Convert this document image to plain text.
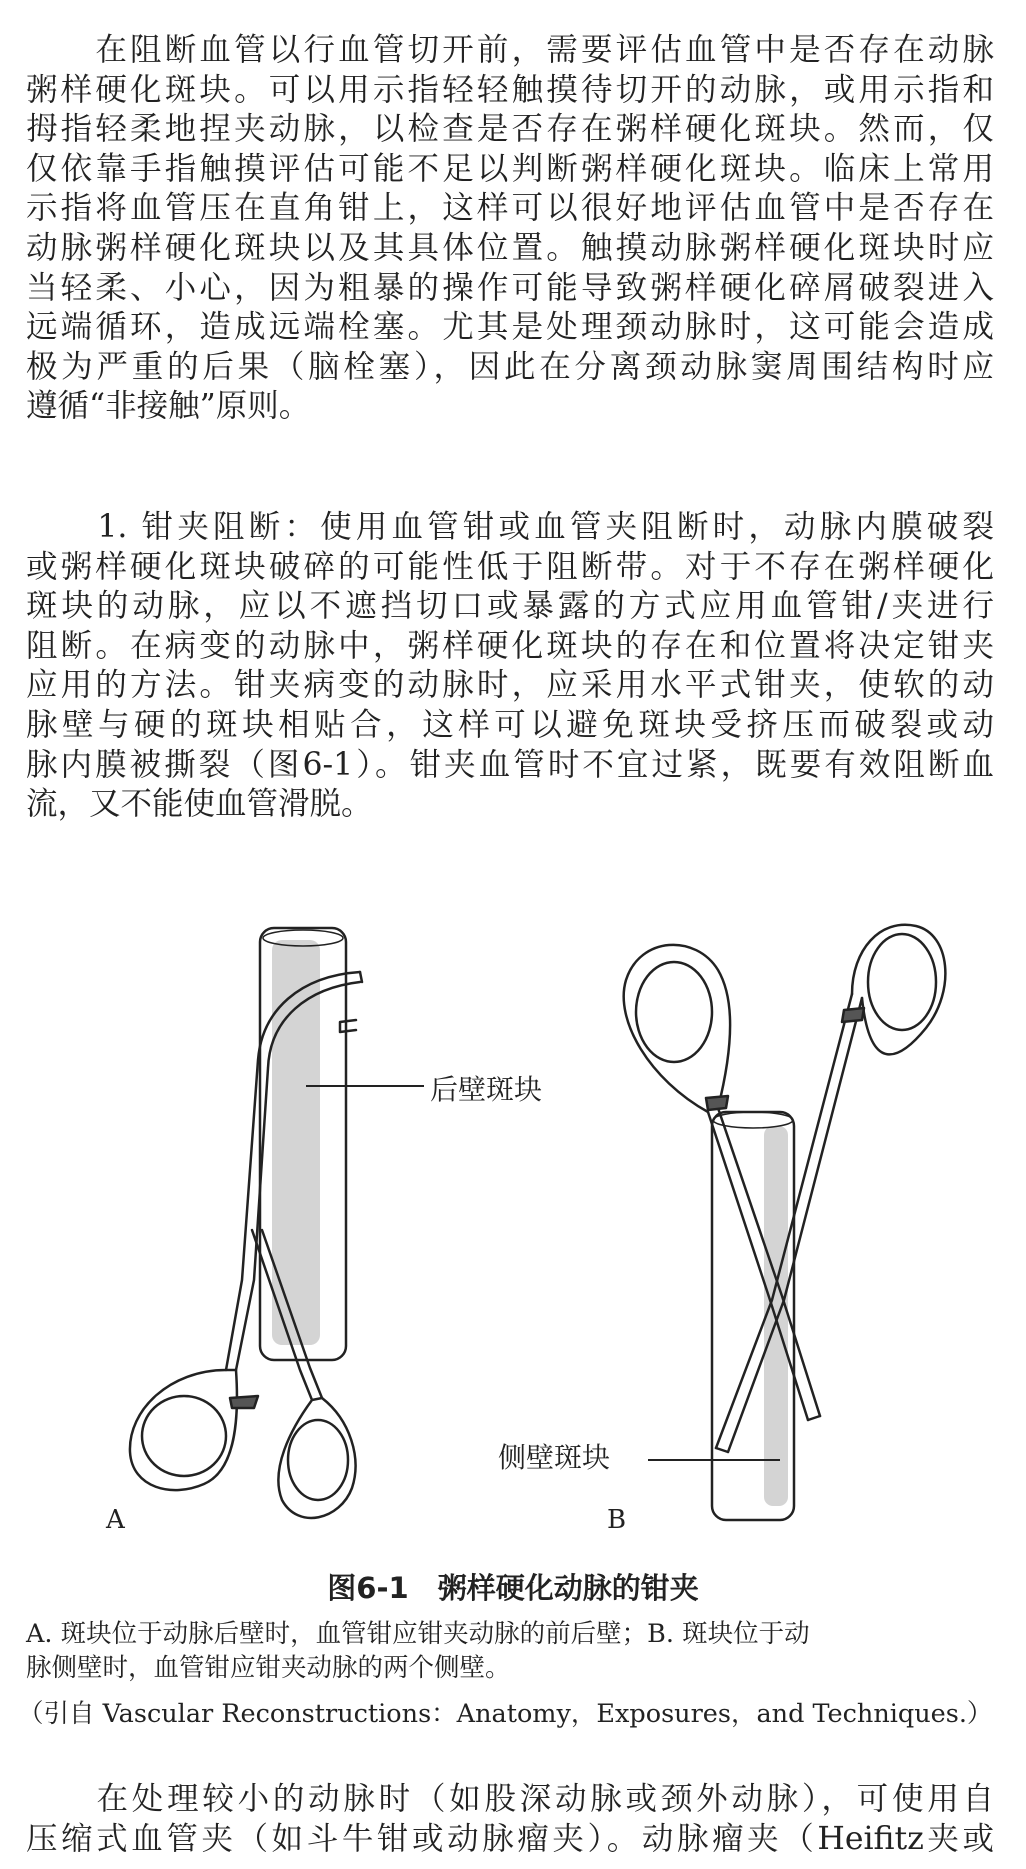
　　在阻断血管以行血管切开前，需要评估血管中是否存在动脉
粥样硬化斑块。可以用示指轻轻触摸待切开的动脉，或用示指和
拇指轻柔地捏夹动脉，以检查是否存在粥样硬化斑块。然而，仅
仅依靠手指触摸评估可能不足以判断粥样硬化斑块。临床上常用
示指将血管压在直角钳上，这样可以很好地评估血管中是否存在
动脉粥样硬化斑块以及其具体位置。触摸动脉粥样硬化斑块时应
当轻柔、小心，因为粗暴的操作可能导致粥样硬化碎屑破裂进入
远端循环，造成远端栓塞。尤其是处理颈动脉时，这可能会造成
极为严重的后果（脑栓塞），因此在分离颈动脉窦周围结构时应
遵循“非接触”原则。
　　1. 钳夹阻断：使用血管钳或血管夹阻断时，动脉内膜破裂
或粥样硬化斑块破碎的可能性低于阻断带。对于不存在粥样硬化
斑块的动脉，应以不遮挡切口或暴露的方式应用血管钳/夹进行
阻断。在病变的动脉中，粥样硬化斑块的存在和位置将决定钳夹
应用的方法。钳夹病变的动脉时，应采用水平式钳夹，使软的动
脉壁与硬的斑块相贴合，这样可以避免斑块受挤压而破裂或动
脉内膜被撕裂（图6-1）。钳夹血管时不宜过紧，既要有效阻断血
流，又不能使血管滑脱。
后壁斑块
侧壁斑块
A	B
图6-1　粥样硬化动脉的钳夹
A. 斑块位于动脉后壁时，血管钳应钳夹动脉的前后壁；B. 斑块位于动
脉侧壁时，血管钳应钳夹动脉的两个侧壁。
（引自 Vascular Reconstructions：Anatomy，Exposures，and Techniques.）
　　在处理较小的动脉时（如股深动脉或颈外动脉），可使用自
压缩式血管夹（如斗牛钳或动脉瘤夹）。动脉瘤夹（Heifitz夹或
